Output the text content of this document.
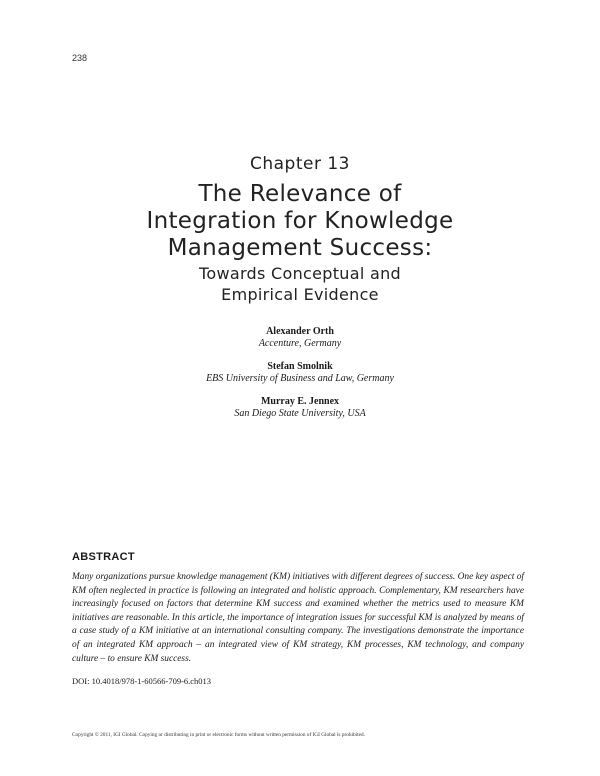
238
Chapter 13
The Relevance of
Integration for Knowledge
Management Success:
Towards Conceptual and
Empirical Evidence
Alexander Orth
Accenture, Germany
Stefan Smolnik
EBS University of Business and Law, Germany
Murray E. Jennex
San Diego State University, USA
ABSTRACT

Many organizations pursue knowledge management (KM) initiatives with different degrees of success. One key aspect of KM often neglected in practice is following an integrated and holistic approach. Complementary, KM researchers have increasingly focused on factors that determine KM success and examined whether the metrics used to measure KM initiatives are reasonable. In this article, the importance of integration issues for successful KM is analyzed by means of a case study of a KM initiative at an international consulting company. The investigations demonstrate the importance of an integrated KM approach – an integrated view of KM strategy, KM processes, KM technology, and company culture – to ensure KM success.

DOI: 10.4018/978-1-60566-709-6.ch013
Copyright © 2011, IGI Global. Copying or distributing in print or electronic forms without written permission of IGI Global is prohibited.
